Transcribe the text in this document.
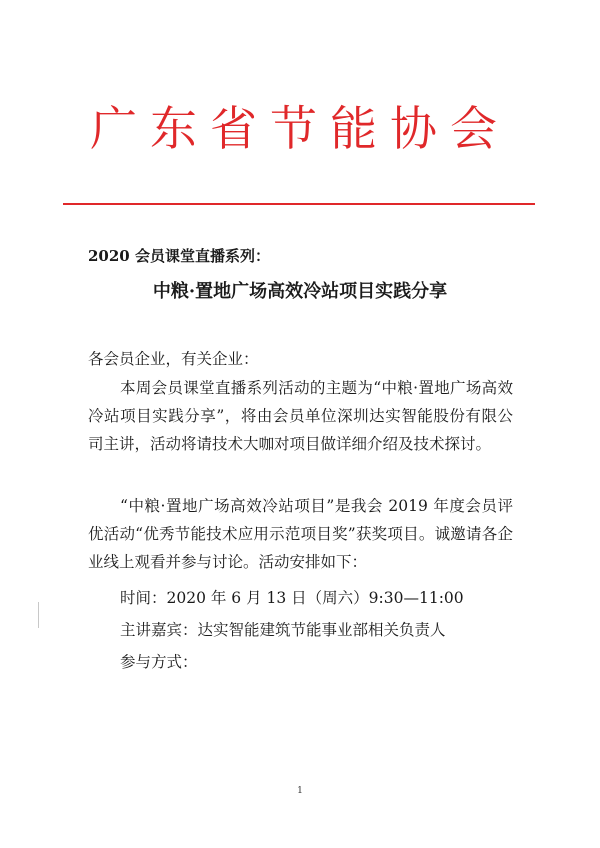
广东省节能协会
2020 会员课堂直播系列：
中粮·置地广场高效冷站项目实践分享
各会员企业，有关企业：
本周会员课堂直播系列活动的主题为“中粮·置地广场高效冷站项目实践分享”，将由会员单位深圳达实智能股份有限公司主讲，活动将请技术大咖对项目做详细介绍及技术探讨。
“中粮·置地广场高效冷站项目”是我会 2019 年度会员评优活动“优秀节能技术应用示范项目奖”获奖项目。诚邀请各企业线上观看并参与讨论。活动安排如下：
时间：2020 年 6 月 13 日（周六）9:30—11:00
主讲嘉宾：达实智能建筑节能事业部相关负责人
参与方式：
1
